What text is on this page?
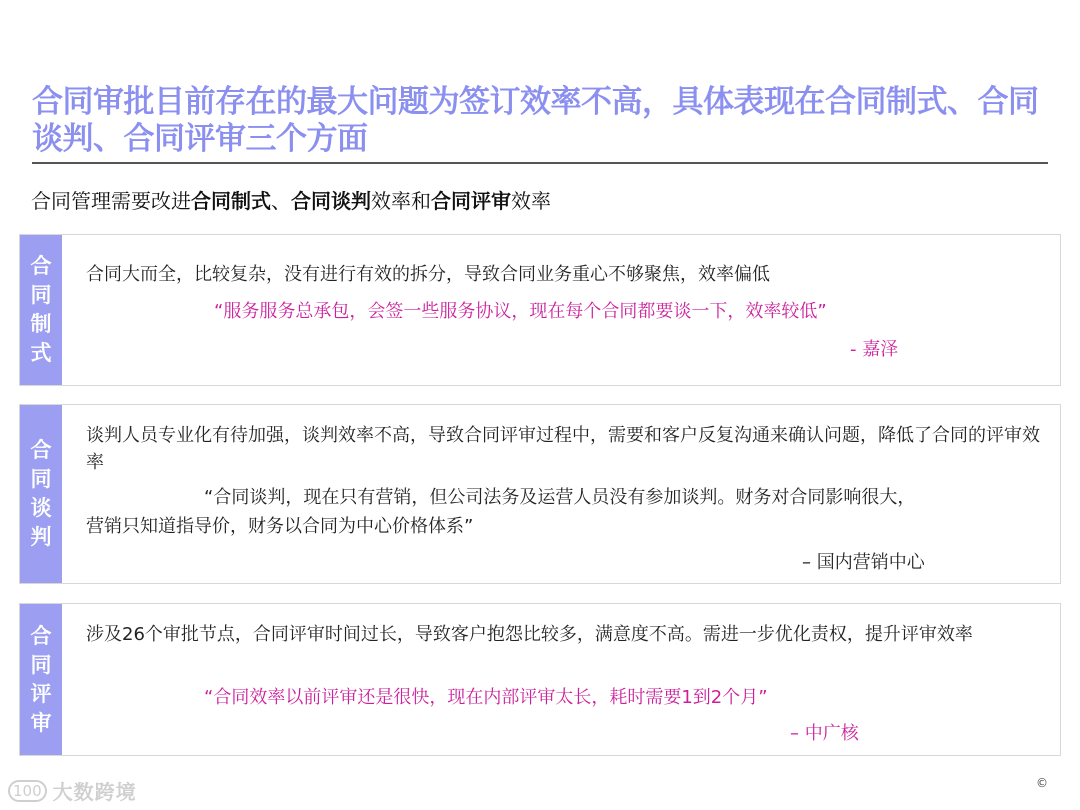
合同审批目前存在的最大问题为签订效率不高，具体表现在合同制式、合同谈判、合同评审三个方面
合同管理需要改进合同制式、合同谈判效率和合同评审效率
合同制式
合同大而全，比较复杂，没有进行有效的拆分，导致合同业务重心不够聚焦，效率偏低
“服务服务总承包，会签一些服务协议，现在每个合同都要谈一下，效率较低”
- 嘉泽
合同谈判
谈判人员专业化有待加强，谈判效率不高，导致合同评审过程中，需要和客户反复沟通来确认问题，降低了合同的评审效率
“合同谈判，现在只有营销，但公司法务及运营人员没有参加谈判。财务对合同影响很大，
营销只知道指导价，财务以合同为中心价格体系”
– 国内营销中心
合同评审
涉及26个审批节点，合同评审时间过长，导致客户抱怨比较多，满意度不高。需进一步优化责权，提升评审效率
“合同效率以前评审还是很快，现在内部评审太长，耗时需要1到2个月”
– 中广核
100 大数跨境	©
